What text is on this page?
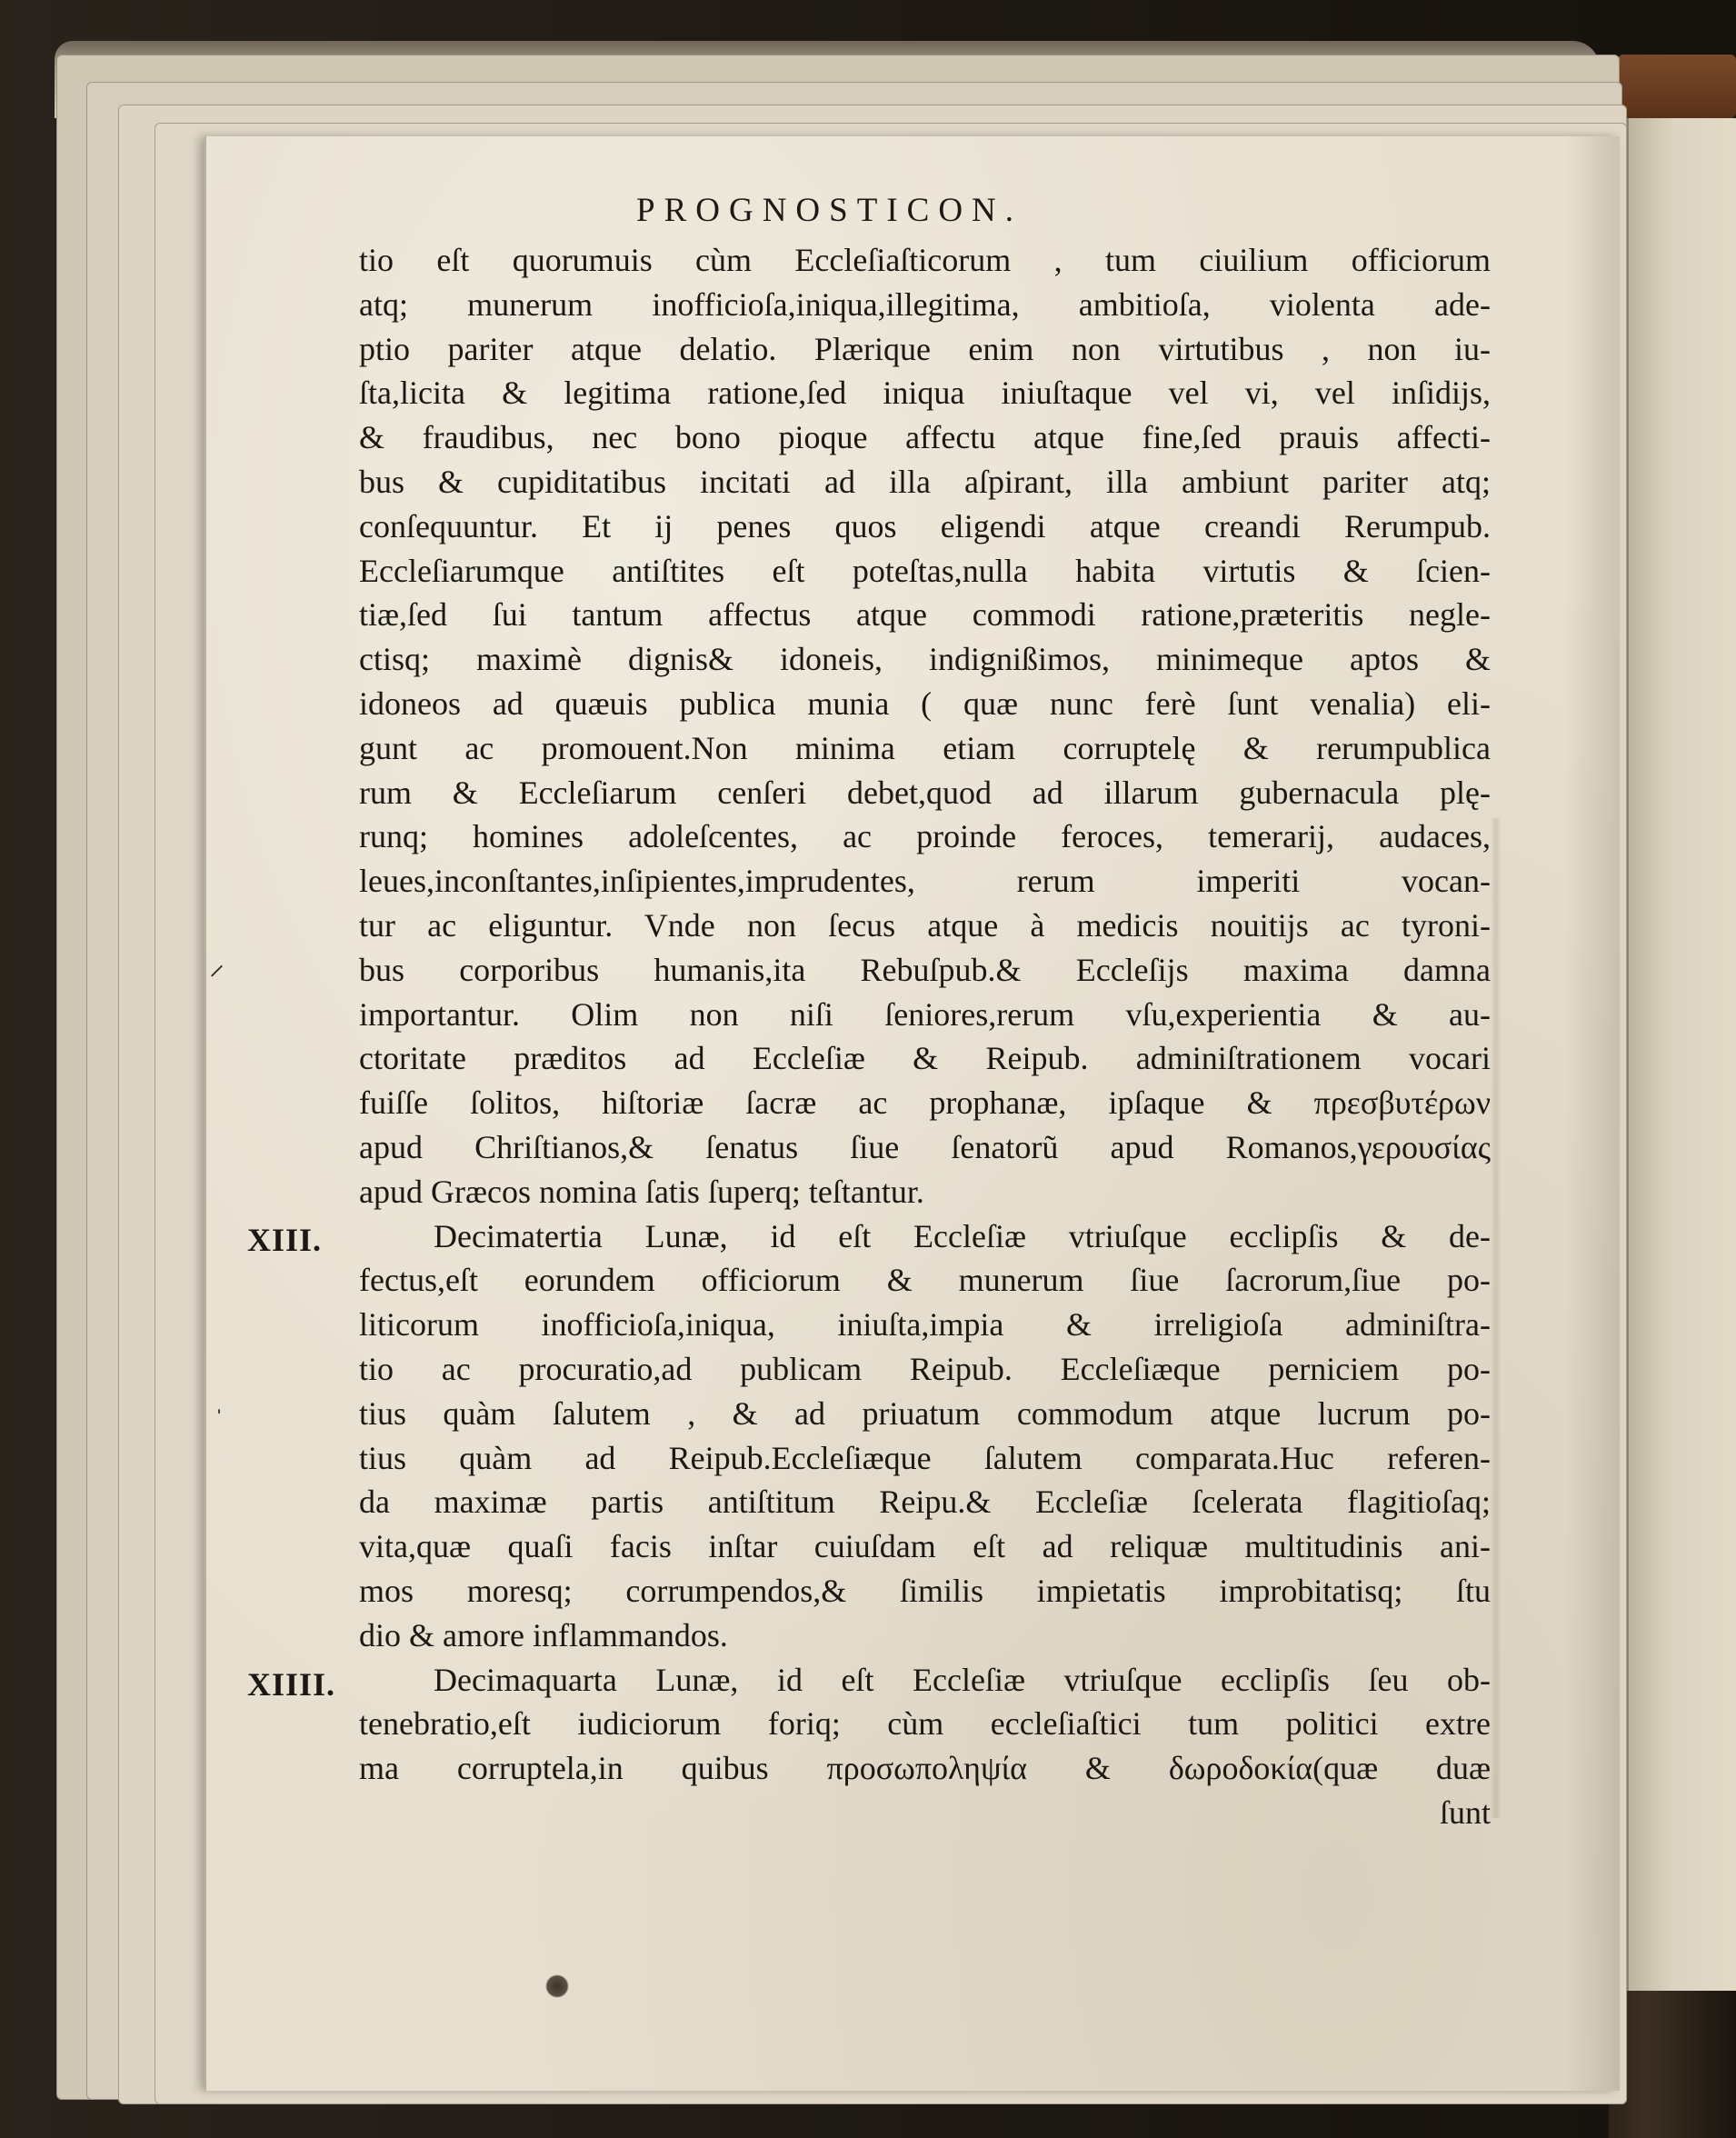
PROGNOSTICON.
XIII.
XIIII.
⸍
ˈ
tio eſt quorumuis cùm Eccleſiaſticorum , tum ciuilium officiorum
atq; munerum inofficioſa,iniqua,illegitima, ambitioſa, violenta ade-
ptio pariter atque delatio. Plærique enim non virtutibus , non iu-
ſta,licita & legitima ratione,ſed iniqua iniuſtaque vel vi, vel inſidijs,
& fraudibus, nec bono pioque affectu atque fine,ſed prauis affecti-
bus & cupiditatibus incitati ad illa aſpirant, illa ambiunt pariter atq;
conſequuntur. Et ij penes quos eligendi atque creandi Rerumpub.
Eccleſiarumque antiſtites eſt poteſtas,nulla habita virtutis & ſcien-
tiæ,ſed ſui tantum affectus atque commodi ratione,præteritis negle-
ctisq; maximè dignis& idoneis, indignißimos, minimeque aptos &
idoneos ad quæuis publica munia ( quæ nunc ferè ſunt venalia) eli-
gunt ac promouent.Non minima etiam corruptelę & rerumpublica
rum & Eccleſiarum cenſeri debet,quod ad illarum gubernacula plę-
runq; homines adoleſcentes, ac proinde feroces, temerarij, audaces,
leues,inconſtantes,inſipientes,imprudentes, rerum imperiti vocan-
tur ac eliguntur. Vnde non ſecus atque à medicis nouitijs ac tyroni-
bus corporibus humanis,ita Rebuſpub.& Eccleſijs maxima damna
importantur. Olim non niſi ſeniores,rerum vſu,experientia & au-
ctoritate præditos ad Eccleſiæ & Reipub. adminiſtrationem vocari
fuiſſe ſolitos, hiſtoriæ ſacræ ac prophanæ, ipſaque & πρεσβυτέρων
apud Chriſtianos,& ſenatus ſiue ſenatorũ apud Romanos,γερουσίας
apud Græcos nomina ſatis ſuperq; teſtantur.
Decimatertia Lunæ, id eſt Eccleſiæ vtriuſque ecclipſis & de-
fectus,eſt eorundem officiorum & munerum ſiue ſacrorum,ſiue po-
liticorum inofficioſa,iniqua, iniuſta,impia & irreligioſa adminiſtra-
tio ac procuratio,ad publicam Reipub. Eccleſiæque perniciem po-
tius quàm ſalutem , & ad priuatum commodum atque lucrum po-
tius quàm ad Reipub.Eccleſiæque ſalutem comparata.Huc referen-
da maximæ partis antiſtitum Reipu.& Eccleſiæ ſcelerata flagitioſaq;
vita,quæ quaſi facis inſtar cuiuſdam eſt ad reliquæ multitudinis ani-
mos moresq; corrumpendos,& ſimilis impietatis improbitatisq; ſtu
dio & amore inflammandos.
Decimaquarta Lunæ, id eſt Eccleſiæ vtriuſque ecclipſis ſeu ob-
tenebratio,eſt iudiciorum foriq; cùm eccleſiaſtici tum politici extre
ma corruptela,in quibus προσωποληψία & δωροδοκία(quæ duæ
ſunt
